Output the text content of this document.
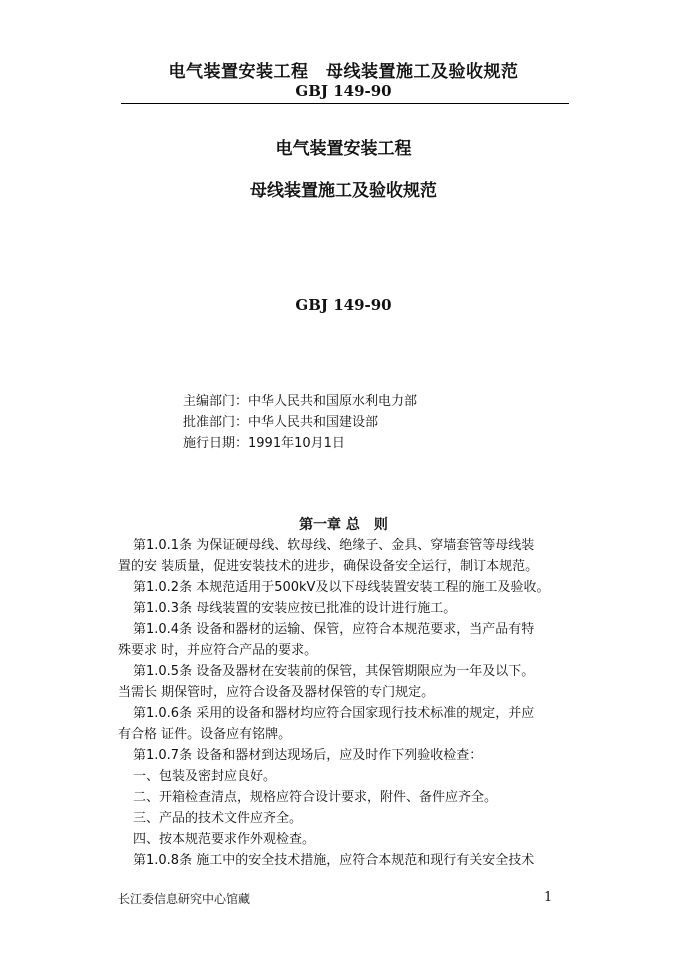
电气装置安装工程　母线装置施工及验收规范
GBJ 149-90
电气装置安装工程
母线装置施工及验收规范
GBJ 149-90
主编部门：中华人民共和国原水利电力部
批准部门：中华人民共和国建设部
施行日期：1991年10月1日
第一章 总　则
第1.0.1条 为保证硬母线、软母线、绝缘子、金具、穿墙套管等母线装
置的安 装质量，促进安装技术的进步，确保设备安全运行，制订本规范。
第1.0.2条 本规范适用于500kV及以下母线装置安装工程的施工及验收。
第1.0.3条 母线装置的安装应按已批准的设计进行施工。
第1.0.4条 设备和器材的运输、保管，应符合本规范要求，当产品有特
殊要求 时，并应符合产品的要求。
第1.0.5条 设备及器材在安装前的保管，其保管期限应为一年及以下。
当需长 期保管时，应符合设备及器材保管的专门规定。
第1.0.6条 采用的设备和器材均应符合国家现行技术标准的规定，并应
有合格 证件。设备应有铭牌。
第1.0.7条 设备和器材到达现场后，应及时作下列验收检查：
一、包装及密封应良好。
二、开箱检查清点，规格应符合设计要求，附件、备件应齐全。
三、产品的技术文件应齐全。
四、按本规范要求作外观检查。
第1.0.8条 施工中的安全技术措施，应符合本规范和现行有关安全技术
长江委信息研究中心馆藏	1
